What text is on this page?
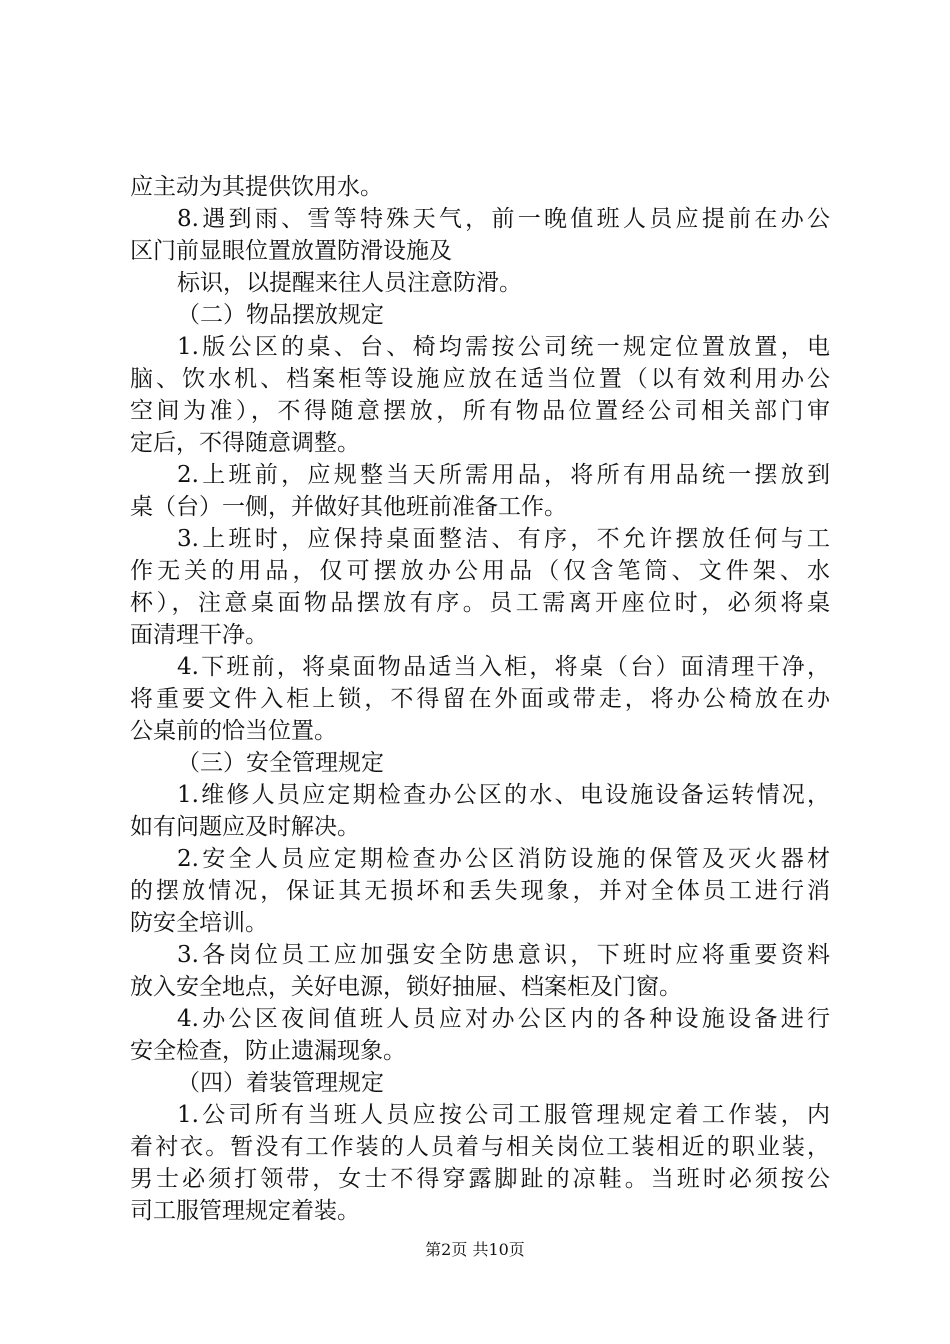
应主动为其提供饮用水。
8.遇到雨、雪等特殊天气，前一晚值班人员应提前在办公
区门前显眼位置放置防滑设施及
标识，以提醒来往人员注意防滑。
（二）物品摆放规定
1.版公区的桌、台、椅均需按公司统一规定位置放置，电
脑、饮水机、档案柜等设施应放在适当位置（以有效利用办公
空间为准），不得随意摆放，所有物品位置经公司相关部门审
定后，不得随意调整。
2.上班前，应规整当天所需用品，将所有用品统一摆放到
桌（台）一侧，并做好其他班前准备工作。
3.上班时，应保持桌面整洁、有序，不允许摆放任何与工
作无关的用品，仅可摆放办公用品（仅含笔筒、文件架、水
杯），注意桌面物品摆放有序。员工需离开座位时，必须将桌
面清理干净。
4.下班前，将桌面物品适当入柜，将桌（台）面清理干净，
将重要文件入柜上锁，不得留在外面或带走，将办公椅放在办
公桌前的恰当位置。
（三）安全管理规定
1.维修人员应定期检查办公区的水、电设施设备运转情况，
如有问题应及时解决。
2.安全人员应定期检查办公区消防设施的保管及灭火器材
的摆放情况，保证其无损坏和丢失现象，并对全体员工进行消
防安全培训。
3.各岗位员工应加强安全防患意识，下班时应将重要资料
放入安全地点，关好电源，锁好抽屉、档案柜及门窗。
4.办公区夜间值班人员应对办公区内的各种设施设备进行
安全检查，防止遗漏现象。
（四）着装管理规定
1.公司所有当班人员应按公司工服管理规定着工作装，内
着衬衣。暂没有工作装的人员着与相关岗位工装相近的职业装，
男士必须打领带，女士不得穿露脚趾的凉鞋。当班时必须按公
司工服管理规定着装。
第2页 共10页
